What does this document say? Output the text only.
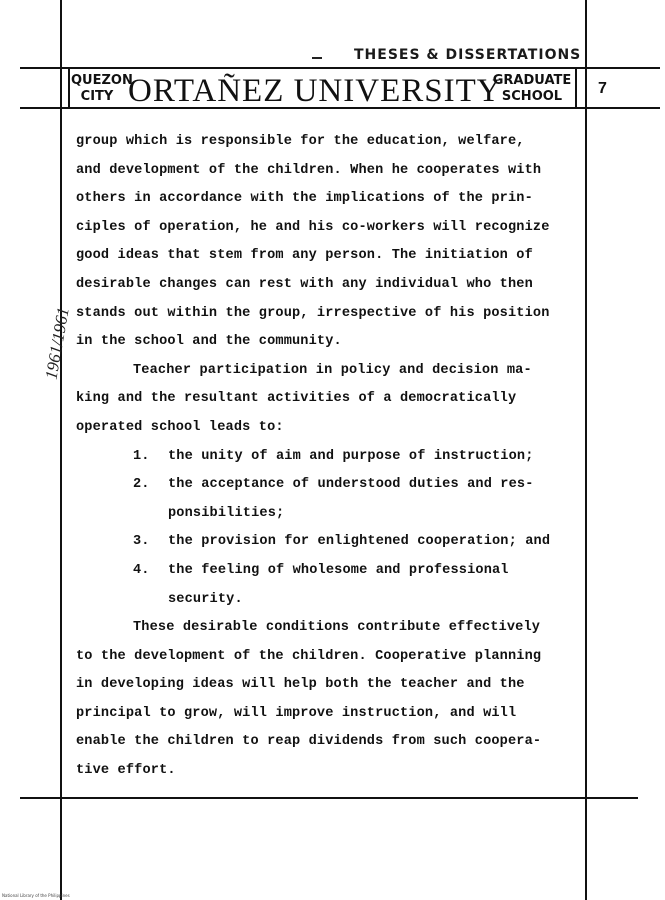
THESES & DISSERTATIONS
QUEZON
CITY ORTAÑEZ UNIVERSITY
GRADUATE
SCHOOL	7
1961/1961
group which is responsible for the education, welfare,
and development of the children. When he cooperates with
others in accordance with the implications of the prin-
ciples of operation, he and his co-workers will recognize
good ideas that stem from any person. The initiation of
desirable changes can rest with any individual who then
stands out within the group, irrespective of his position
in the school and the community.
Teacher participation in policy and decision ma-
king and the resultant activities of a democratically
operated school leads to:
1. the unity of aim and purpose of instruction;
2. the acceptance of understood duties and res-
ponsibilities;
3. the provision for enlightened cooperation; and
4. the feeling of wholesome and professional
security.
These desirable conditions contribute effectively
to the development of the children. Cooperative planning
in developing ideas will help both the teacher and the
principal to grow, will improve instruction, and will
enable the children to reap dividends from such coopera-
tive effort.
National Library of the Philippines
